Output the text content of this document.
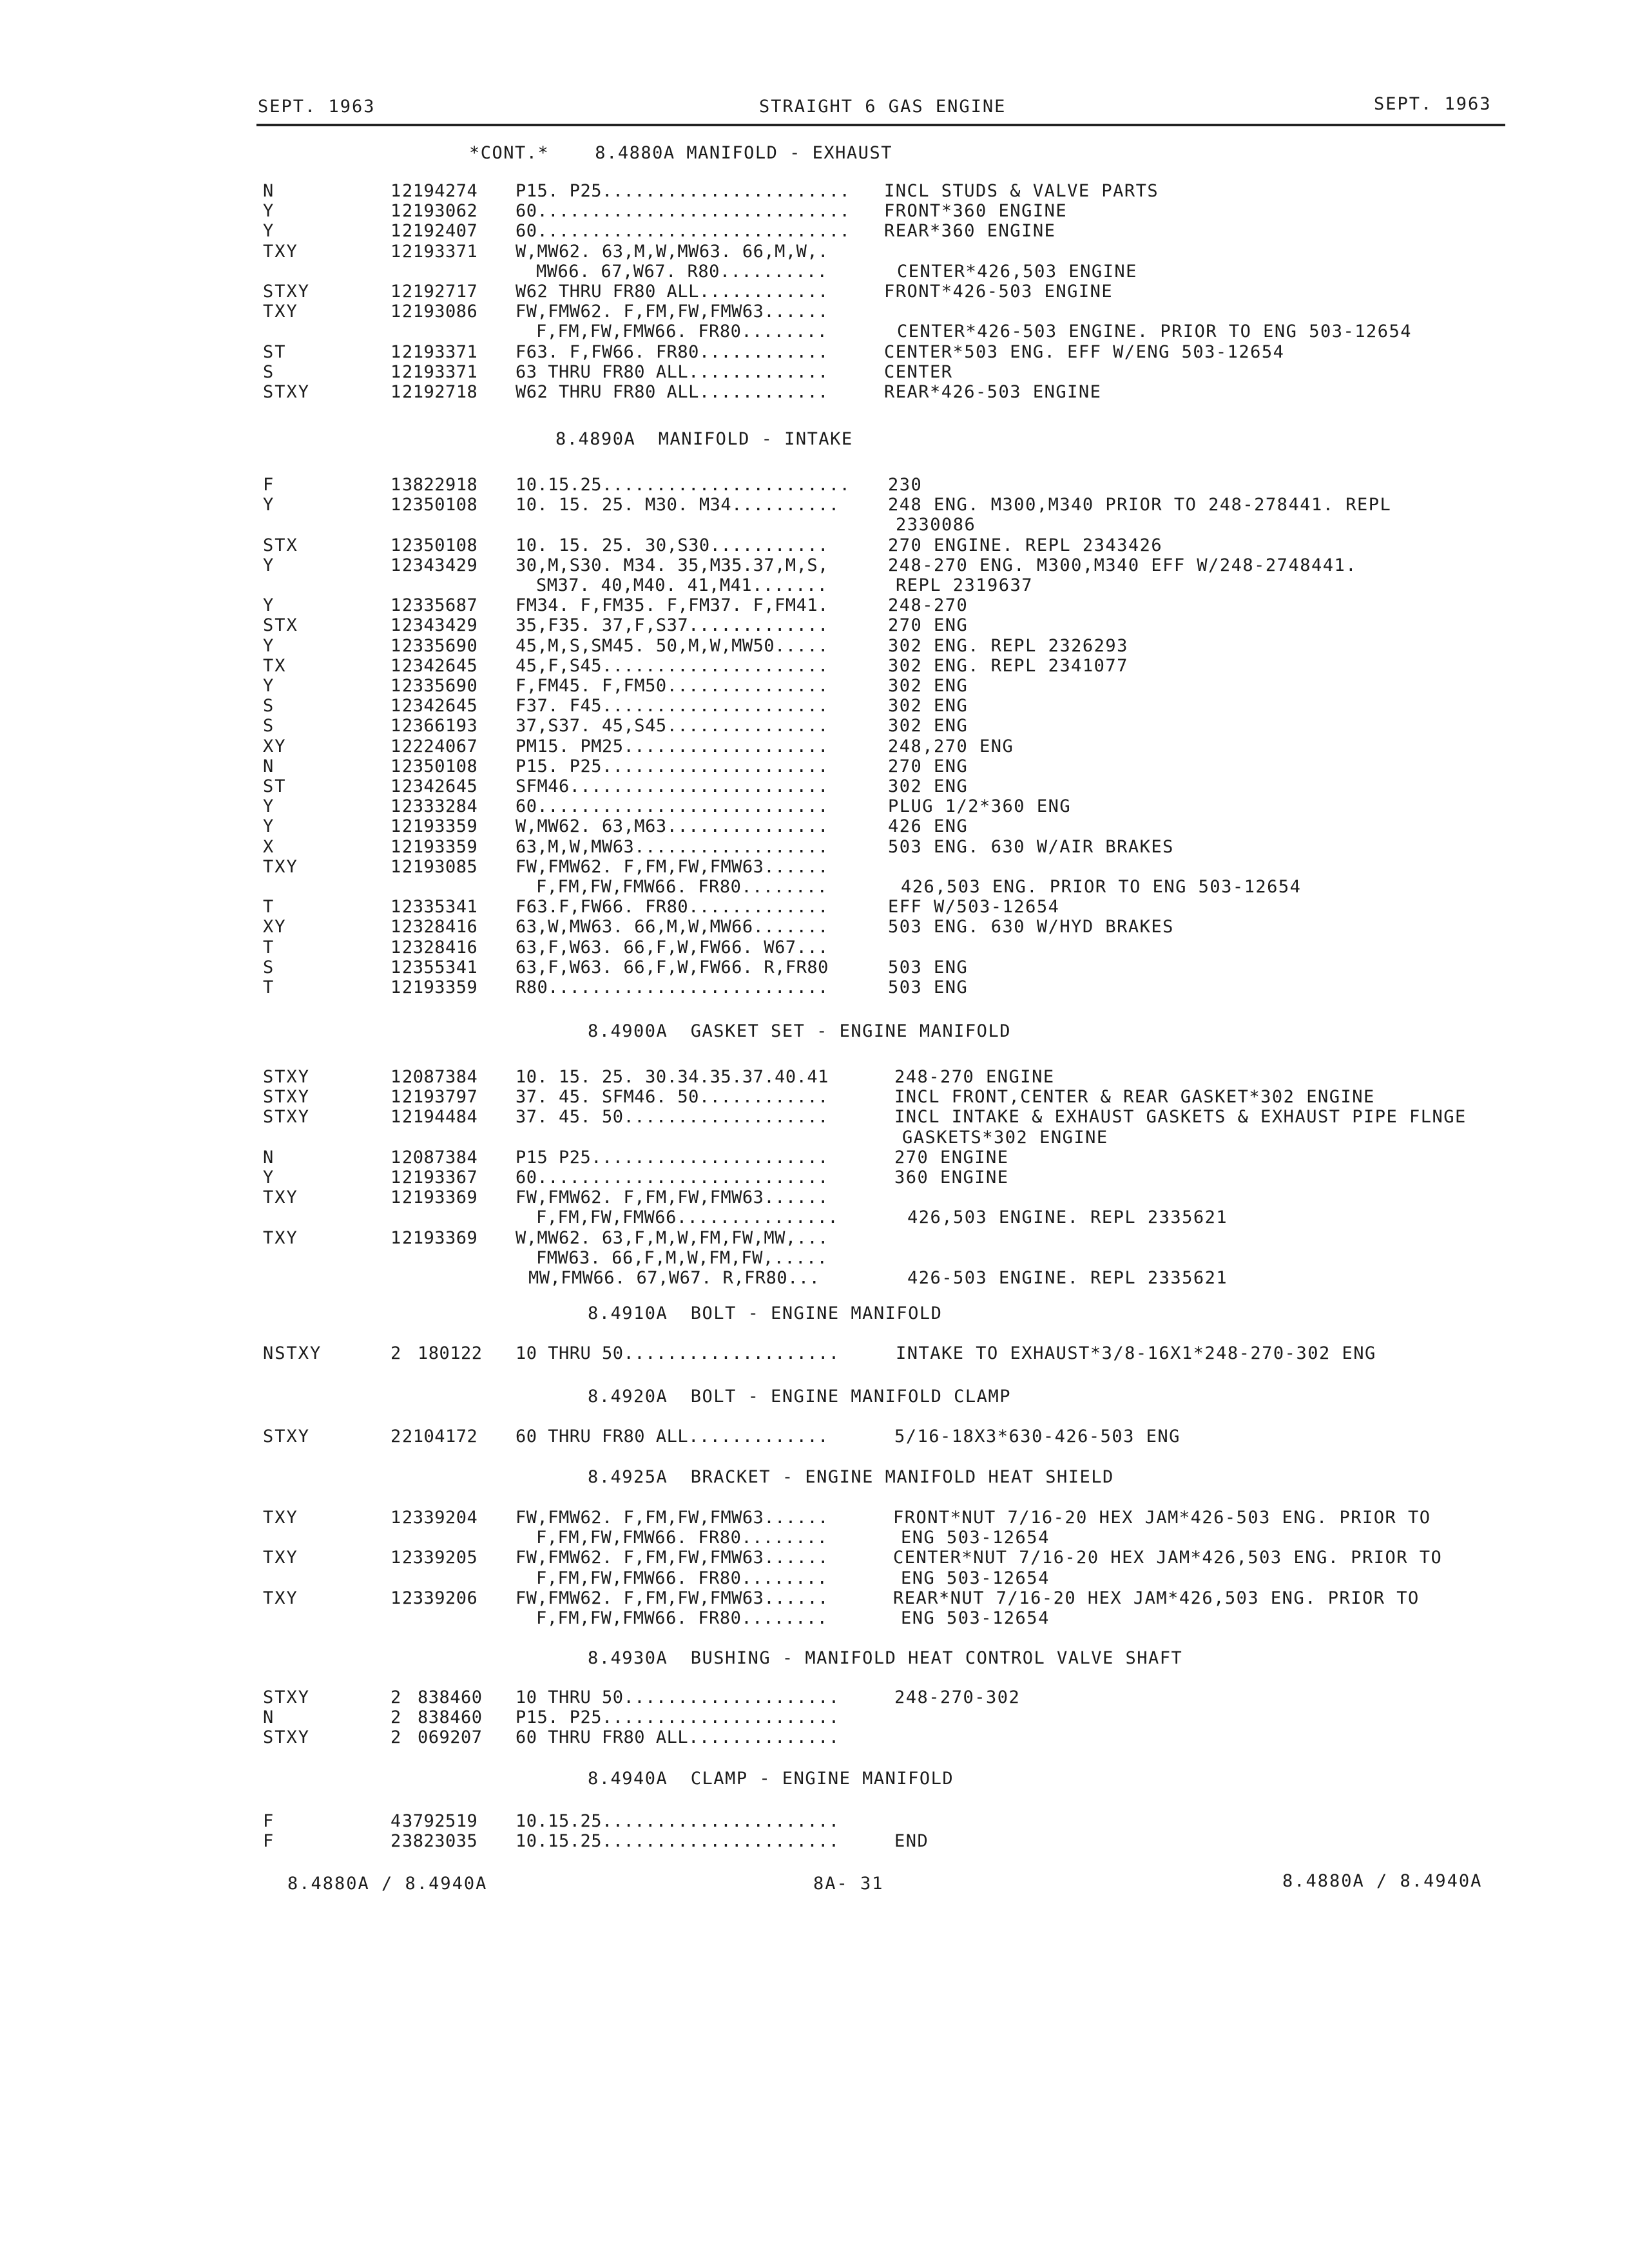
SEPT. 1963	STRAIGHT 6 GAS ENGINE	SEPT. 1963
*CONT.*    8.4880A MANIFOLD - EXHAUST
N	1 2194274 P15. P25....................... INCL STUDS & VALVE PARTS
Y	1 2193062 60............................. FRONT*360 ENGINE
Y	1 2192407 60............................. REAR*360 ENGINE
TXY	1 2193371 W,MW62. 63,M,W,MW63. 66,M,W,.
MW66. 67,W67. R80..........	CENTER*426,503 ENGINE
STXY	1 2192717 W62 THRU FR80 ALL............	FRONT*426-503 ENGINE
TXY	1 2193086 FW,FMW62. F,FM,FW,FMW63......
F,FM,FW,FMW66. FR80........	CENTER*426-503 ENGINE. PRIOR TO ENG 503-12654
ST	1 2193371 F63. F,FW66. FR80............	CENTER*503 ENG. EFF W/ENG 503-12654
S	1 2193371 63 THRU FR80 ALL.............	CENTER
STXY	1 2192718 W62 THRU FR80 ALL............	REAR*426-503 ENGINE
8.4890A  MANIFOLD - INTAKE
F	1 3822918 10.15.25....................... 230
Y	1 2350108 10. 15. 25. M30. M34..........	248 ENG. M300,M340 PRIOR TO 248-278441. REPL
2330086
STX	1 2350108 10. 15. 25. 30,S30...........	270 ENGINE. REPL 2343426
Y	1 2343429 30,M,S30. M34. 35,M35.37,M,S,	248-270 ENG. M300,M340 EFF W/248-2748441.
SM37. 40,M40. 41,M41.......	REPL 2319637
Y	1 2335687 FM34. F,FM35. F,FM37. F,FM41.	248-270
STX	1 2343429 35,F35. 37,F,S37.............	270 ENG
Y	1 2335690 45,M,S,SM45. 50,M,W,MW50.....	302 ENG. REPL 2326293
TX	1 2342645 45,F,S45.....................	302 ENG. REPL 2341077
Y	1 2335690 F,FM45. F,FM50...............	302 ENG
S	1 2342645 F37. F45.....................	302 ENG
S	1 2366193 37,S37. 45,S45...............	302 ENG
XY	1 2224067 PM15. PM25...................	248,270 ENG
N	1 2350108 P15. P25.....................	270 ENG
ST	1 2342645 SFM46........................	302 ENG
Y	1 2333284 60...........................	PLUG 1/2*360 ENG
Y	1 2193359 W,MW62. 63,M63...............	426 ENG
X	1 2193359 63,M,W,MW63..................	503 ENG. 630 W/AIR BRAKES
TXY	1 2193085 FW,FMW62. F,FM,FW,FMW63......
F,FM,FW,FMW66. FR80........	426,503 ENG. PRIOR TO ENG 503-12654
T	1 2335341 F63.F,FW66. FR80.............	EFF W/503-12654
XY	1 2328416 63,W,MW63. 66,M,W,MW66.......	503 ENG. 630 W/HYD BRAKES
T	1 2328416 63,F,W63. 66,F,W,FW66. W67...
S	1 2355341 63,F,W63. 66,F,W,FW66. R,FR80	503 ENG
T	1 2193359 R80..........................	503 ENG
8.4900A  GASKET SET - ENGINE MANIFOLD
STXY	1 2087384 10. 15. 25. 30.34.35.37.40.41	248-270 ENGINE
STXY	1 2193797 37. 45. SFM46. 50............	INCL FRONT,CENTER & REAR GASKET*302 ENGINE
STXY	1 2194484 37. 45. 50...................	INCL INTAKE & EXHAUST GASKETS & EXHAUST PIPE FLNGE
GASKETS*302 ENGINE
N	1 2087384 P15 P25......................	270 ENGINE
Y	1 2193367 60...........................	360 ENGINE
TXY	1 2193369 FW,FMW62. F,FM,FW,FMW63......
F,FM,FW,FMW66...............	426,503 ENGINE. REPL 2335621
TXY	1 2193369 W,MW62. 63,F,M,W,FM,FW,MW,...
FMW63. 66,F,M,W,FM,FW,.....
MW,FMW66. 67,W67. R,FR80...	426-503 ENGINE. REPL 2335621
8.4910A  BOLT - ENGINE MANIFOLD
NSTXY	2 180122 10 THRU 50....................	INTAKE TO EXHAUST*3/8-16X1*248-270-302 ENG
8.4920A  BOLT - ENGINE MANIFOLD CLAMP
STXY	2 2104172 60 THRU FR80 ALL.............	5/16-18X3*630-426-503 ENG
8.4925A  BRACKET - ENGINE MANIFOLD HEAT SHIELD
TXY	1 2339204 FW,FMW62. F,FM,FW,FMW63......	FRONT*NUT 7/16-20 HEX JAM*426-503 ENG. PRIOR TO
F,FM,FW,FMW66. FR80........	ENG 503-12654
TXY	1 2339205 FW,FMW62. F,FM,FW,FMW63......	CENTER*NUT 7/16-20 HEX JAM*426,503 ENG. PRIOR TO
F,FM,FW,FMW66. FR80........	ENG 503-12654
TXY	1 2339206 FW,FMW62. F,FM,FW,FMW63......	REAR*NUT 7/16-20 HEX JAM*426,503 ENG. PRIOR TO
F,FM,FW,FMW66. FR80........	ENG 503-12654
8.4930A  BUSHING - MANIFOLD HEAT CONTROL VALVE SHAFT
STXY	2 838460 10 THRU 50....................	248-270-302
N	2 838460 P15. P25......................
STXY	2 069207 60 THRU FR80 ALL..............
8.4940A  CLAMP - ENGINE MANIFOLD
F	4 3792519 10.15.25......................
F	2 3823035 10.15.25......................	END
8.4880A / 8.4940A	8A- 31	8.4880A / 8.4940A
